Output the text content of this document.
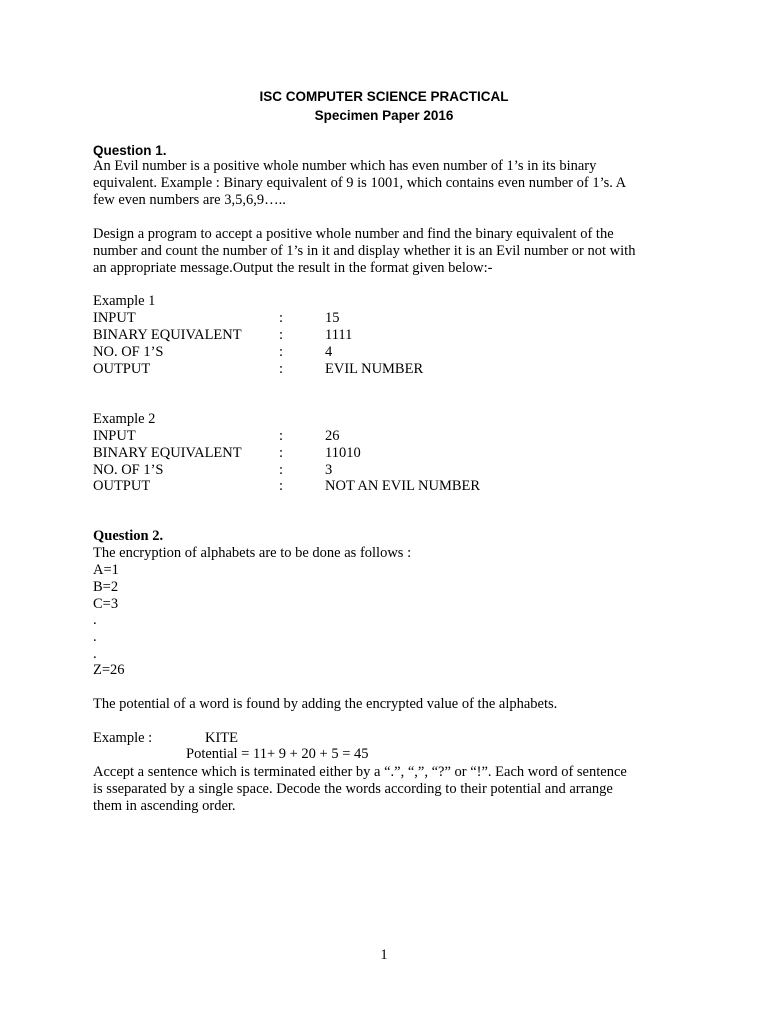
ISC COMPUTER SCIENCE PRACTICAL
Specimen Paper 2016
Question 1.
An Evil number is a positive whole number which has even number of 1’s in its binary
equivalent. Example : Binary equivalent of 9 is 1001, which contains even number of 1’s. A
few even numbers are 3,5,6,9…..
Design a program to accept a positive whole number and find the binary equivalent of the
number and count the number of 1’s in it and display whether it is an Evil number or not with
an appropriate message.Output the result in the format given below:-
Example 1
INPUT	:	15
BINARY EQUIVALENT	:	1111
NO. OF 1’S	:	4
OUTPUT	:	EVIL NUMBER
Example 2
INPUT	:	26
BINARY EQUIVALENT	:	11010
NO. OF 1’S	:	3
OUTPUT	:	NOT AN EVIL NUMBER
Question 2.
The encryption of alphabets are to be done as follows :
A=1
B=2
C=3
.
.
.
Z=26
The potential of a word is found by adding the encrypted value of the alphabets.
Example :	KITE
Potential = 11+ 9 + 20 + 5 = 45
Accept a sentence which is terminated either by a “.”, “,”, “?” or “!”. Each word of sentence
is sseparated by a single space. Decode the words according to their potential and arrange
them in ascending order.
1
